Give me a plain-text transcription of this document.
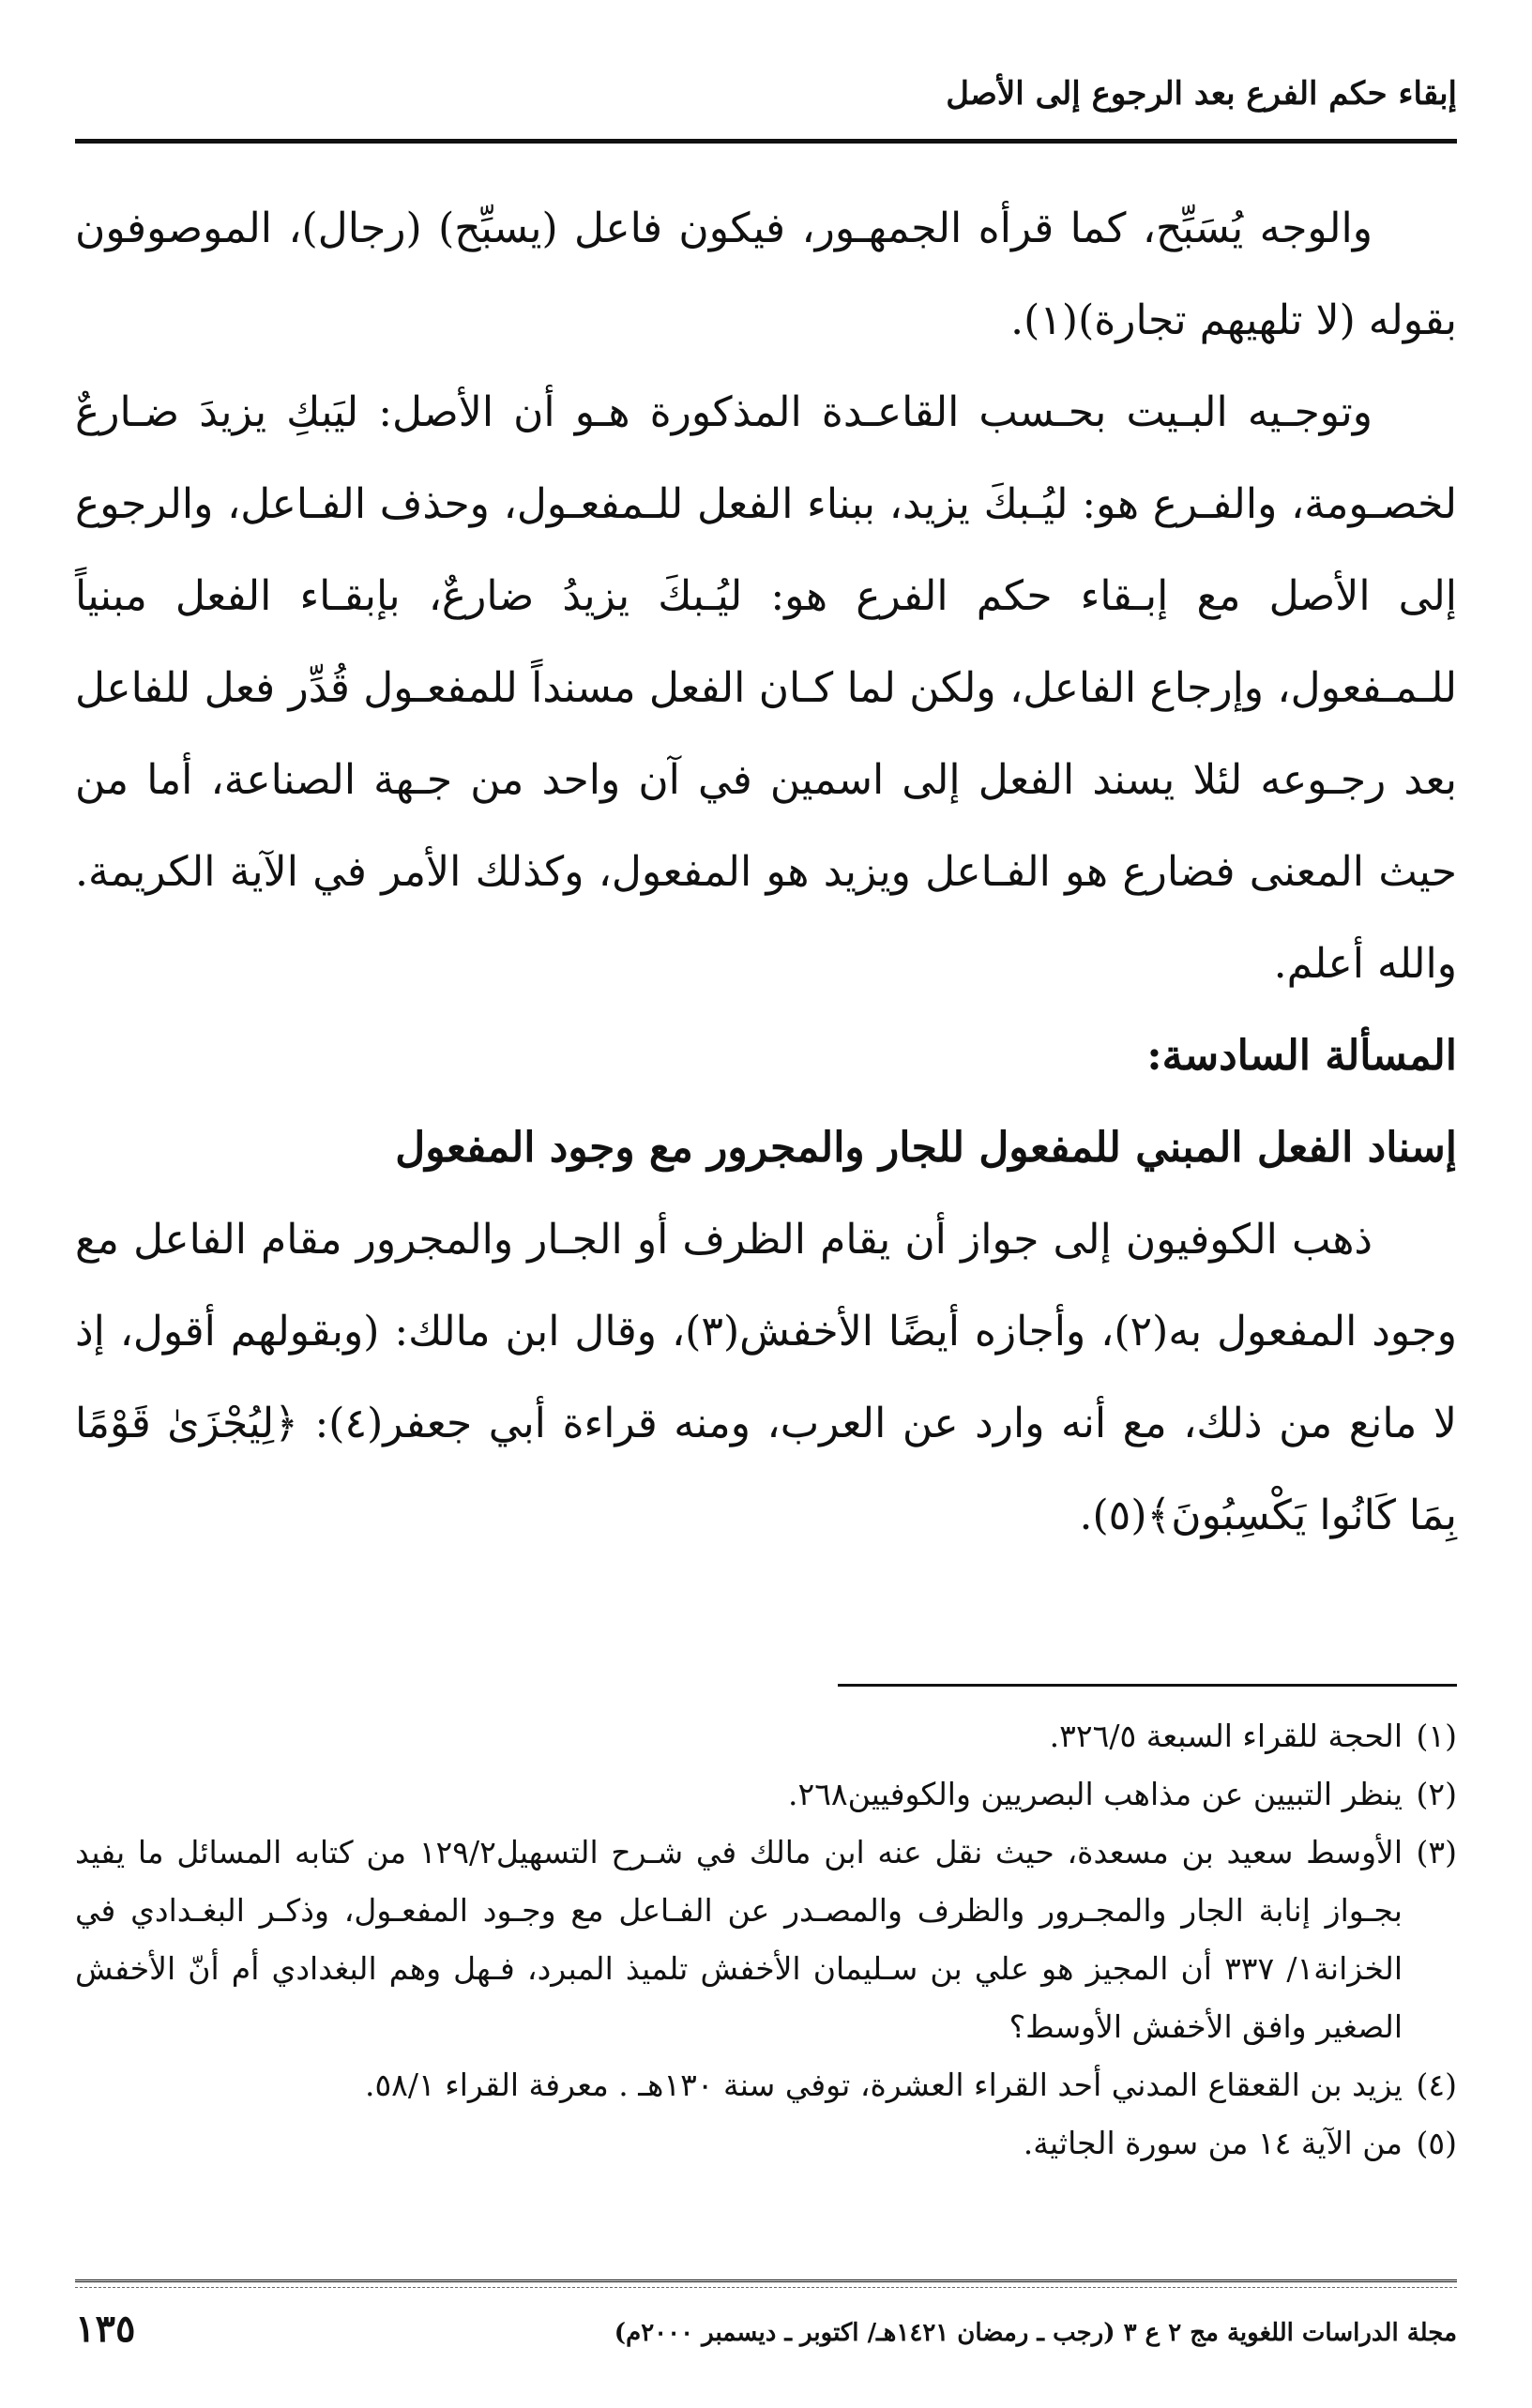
إبقاء حكم الفرع بعد الرجوع إلى الأصل

والوجه يُسَبِّح، كما قرأه الجمهـور، فيكون فاعل (يسبِّح) (رجال)، الموصوفون بقوله (لا تلهيهم تجارة)(١).

وتوجـيه البـيت بحـسب القاعـدة المذكورة هـو أن الأصل: ليَبكِ يزيدَ ضـارعٌ لخصـومة، والفـرع هو: ليُـبكَ يزيد، ببناء الفعل للـمفعـول، وحذف الفـاعل، والرجوع إلى الأصل مع إبـقاء حكم الفرع هو: ليُـبكَ يزيدُ ضارعٌ، بإبقـاء الفعل مبنياً للـمـفعول، وإرجاع الفاعل، ولكن لما كـان الفعل مسنداً للمفعـول قُدِّر فعل للفاعل بعد رجـوعه لئلا يسند الفعل إلى اسمين في آن واحد من جـهة الصناعة، أما من حيث المعنى فضارع هو الفـاعل ويزيد هو المفعول، وكذلك الأمر في الآية الكريمة. والله أعلم.

المسألة السادسة:

إسناد الفعل المبني للمفعول للجار والمجرور مع وجود المفعول

ذهب الكوفيون إلى جواز أن يقام الظرف أو الجـار والمجرور مقام الفاعل مع وجود المفعول به(٢)، وأجازه أيضًا الأخفش(٣)، وقال ابن مالك: (وبقولهم أقول، إذ لا مانع من ذلك، مع أنه وارد عن العرب، ومنه قراءة أبي جعفر(٤): ﴿لِيُجْزَىٰ قَوْمًا بِمَا كَانُوا يَكْسِبُونَ﴾(٥).

(١)
الحجة للقراء السبعة ٣٢٦/٥.

(٢)
ينظر التبيين عن مذاهب البصريين والكوفيين٢٦٨.

(٣)
الأوسط سعيد بن مسعدة، حيث نقل عنه ابن مالك في شـرح التسهيل١٢٩/٢ من كتابه المسائل ما يفيد بجـواز إنابة الجار والمجـرور والظرف والمصـدر عن الفـاعل مع وجـود المفعـول، وذكـر البغـدادي في الخزانة١/ ٣٣٧ أن المجيز هو علي بن سـليمان الأخفش تلميذ المبرد، فـهل وهم البغدادي أم أنّ الأخفش الصغير وافق الأخفش الأوسط؟

(٤)
يزيد بن القعقاع المدني أحد القراء العشرة، توفي سنة ١٣٠هـ . معرفة القراء ٥٨/١.

(٥)
من الآية ١٤ من سورة الجاثية.

مجلة الدراسات اللغوية مج ٢ ع ٣ (رجب ـ رمضان ١٤٢١هـ/ اكتوبر ـ ديسمبر ٢٠٠٠م)
١٣٥
